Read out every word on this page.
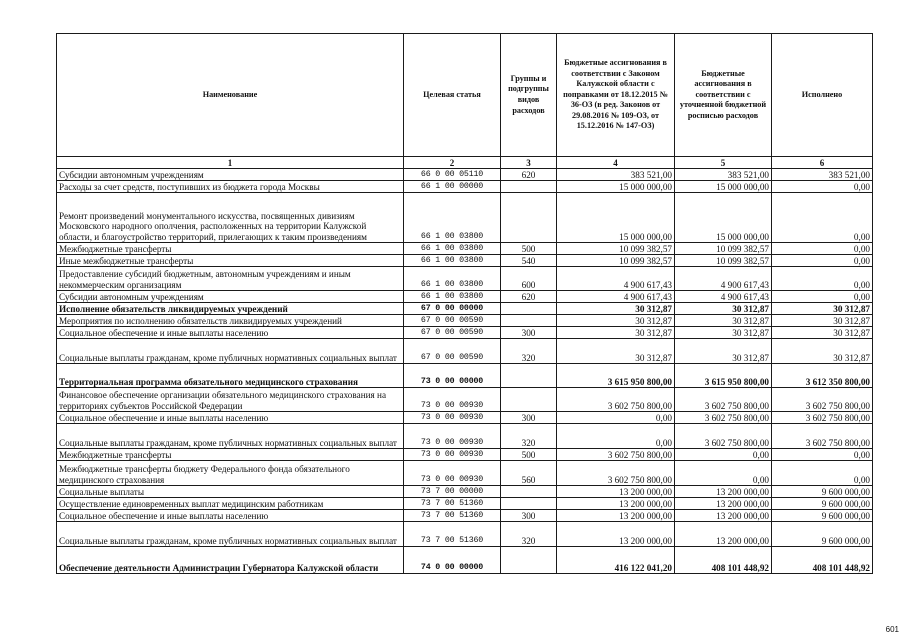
Наименование	Целевая статья	Группы и подгруппы видов расходов	Бюджетные ассигнования в соответствии с Законом Калужской области с поправками от 18.12.2015 № 36-ОЗ (в ред. Законов от 29.08.2016 № 109-ОЗ, от 15.12.2016 № 147-ОЗ)	Бюджетные ассигнования в соответствии с уточненной бюджетной росписью расходов	Исполнено
1	2	3	4	5	6
Субсидии автономным учреждениям	66 0 00 05110	620	383 521,00	383 521,00	383 521,00
Расходы за счет средств, поступивших из бюджета города Москвы	66 1 00 00000		15 000 000,00	15 000 000,00	0,00
Ремонт произведений монументального искусства, посвященных дивизиям Московского народного ополчения, расположенных на территории Калужской области, и благоустройство территорий, прилегающих к таким произведениям	66 1 00 03800		15 000 000,00	15 000 000,00	0,00
Межбюджетные трансферты	66 1 00 03800	500	10 099 382,57	10 099 382,57	0,00
Иные межбюджетные трансферты	66 1 00 03800	540	10 099 382,57	10 099 382,57	0,00
Предоставление субсидий бюджетным, автономным учреждениям и иным некоммерческим организациям	66 1 00 03800	600	4 900 617,43	4 900 617,43	0,00
Субсидии автономным учреждениям	66 1 00 03800	620	4 900 617,43	4 900 617,43	0,00
Исполнение обязательств ликвидируемых учреждений	67 0 00 00000		30 312,87	30 312,87	30 312,87
Мероприятия по исполнению обязательств ликвидируемых учреждений	67 0 00 00590		30 312,87	30 312,87	30 312,87
Социальное обеспечение и иные выплаты населению	67 0 00 00590	300	30 312,87	30 312,87	30 312,87
Социальные выплаты гражданам, кроме публичных нормативных социальных выплат	67 0 00 00590	320	30 312,87	30 312,87	30 312,87
Территориальная программа обязательного медицинского страхования	73 0 00 00000		3 615 950 800,00	3 615 950 800,00	3 612 350 800,00
Финансовое обеспечение организации обязательного медицинского страхования на территориях субъектов Российской Федерации	73 0 00 00930		3 602 750 800,00	3 602 750 800,00	3 602 750 800,00
Социальное обеспечение и иные выплаты населению	73 0 00 00930	300	0,00	3 602 750 800,00	3 602 750 800,00
Социальные выплаты гражданам, кроме публичных нормативных социальных выплат	73 0 00 00930	320	0,00	3 602 750 800,00	3 602 750 800,00
Межбюджетные трансферты	73 0 00 00930	500	3 602 750 800,00	0,00	0,00
Межбюджетные трансферты бюджету Федерального фонда обязательного медицинского страхования	73 0 00 00930	560	3 602 750 800,00	0,00	0,00
Социальные выплаты	73 7 00 00000		13 200 000,00	13 200 000,00	9 600 000,00
Осуществление единовременных выплат медицинским работникам	73 7 00 51360		13 200 000,00	13 200 000,00	9 600 000,00
Социальное обеспечение и иные выплаты населению	73 7 00 51360	300	13 200 000,00	13 200 000,00	9 600 000,00
Социальные выплаты гражданам, кроме публичных нормативных социальных выплат	73 7 00 51360	320	13 200 000,00	13 200 000,00	9 600 000,00
Обеспечение деятельности Администрации Губернатора Калужской области	74 0 00 00000		416 122 041,20	408 101 448,92	408 101 448,92
601
